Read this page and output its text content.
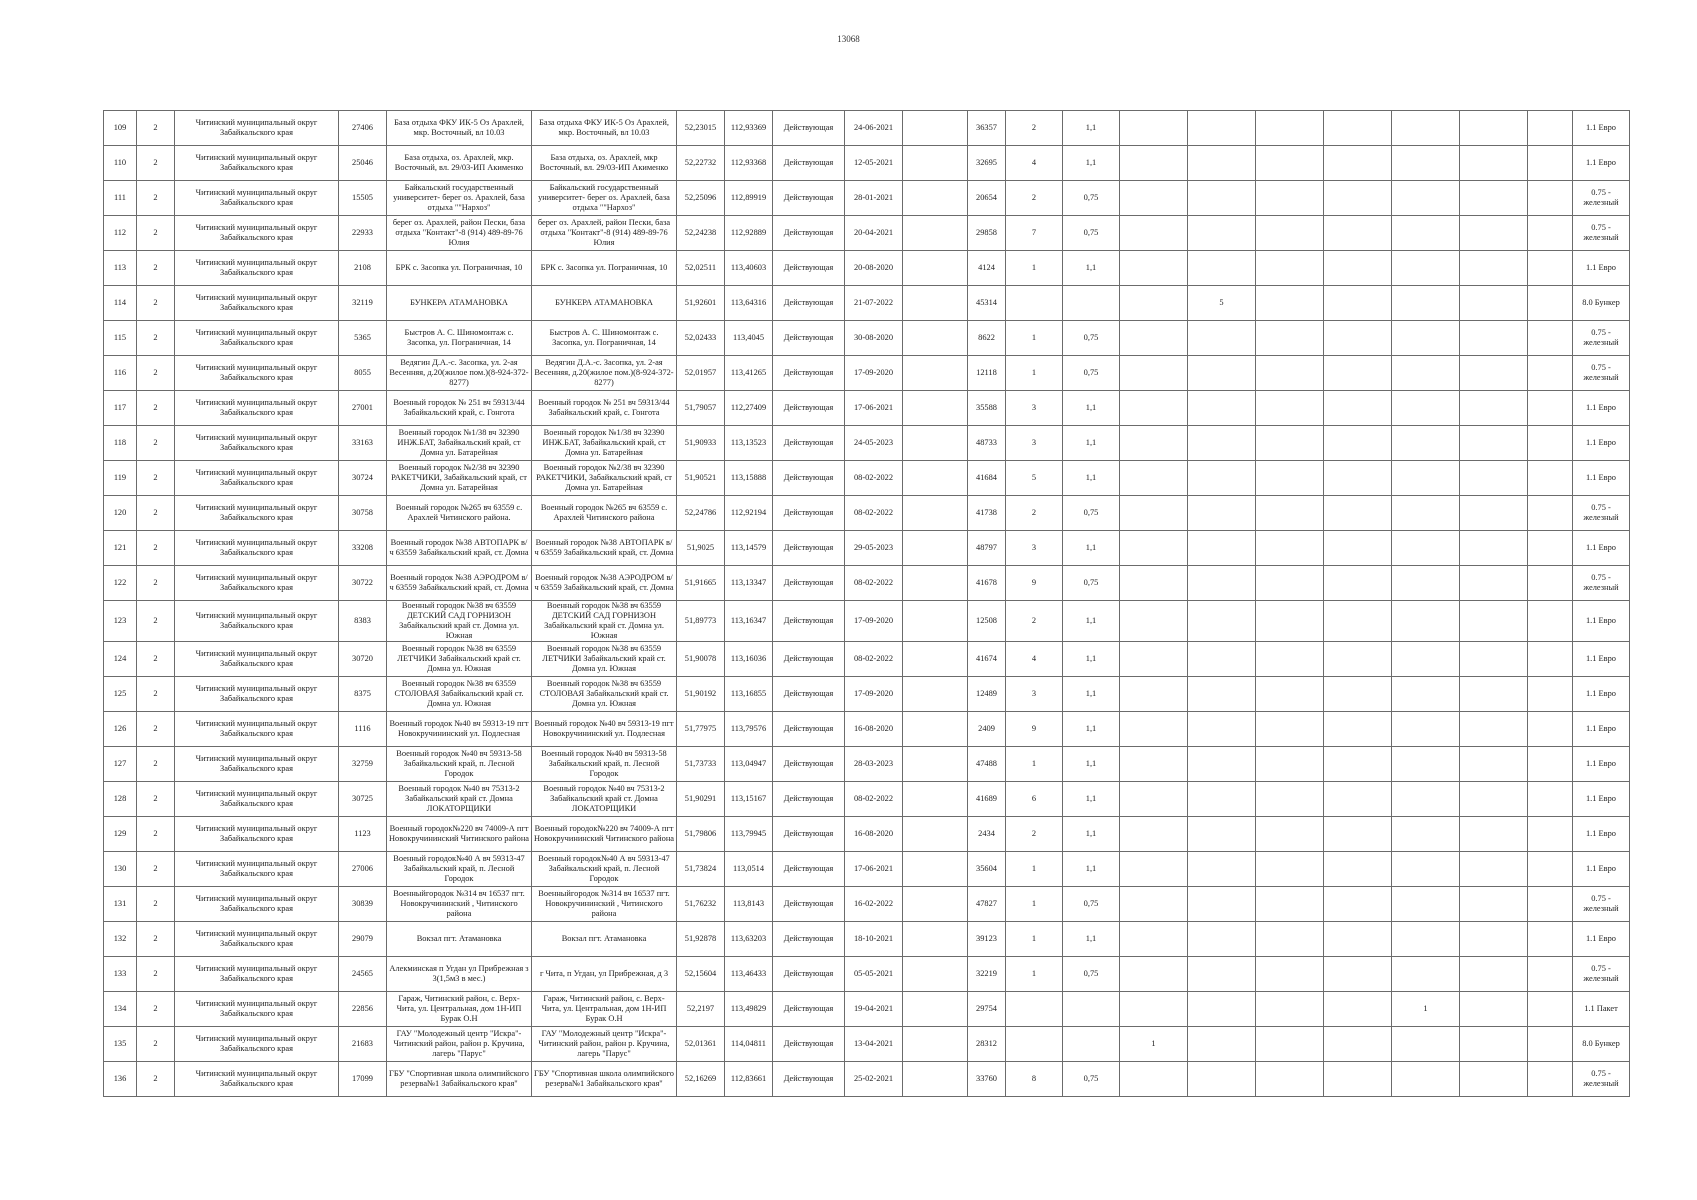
13068
109	2	Читинский муниципальный округ Забайкальского края	27406	База отдыха ФКУ ИК-5 Оз Арахлей, мкр. Восточный, вл 10.03	База отдыха ФКУ ИК-5 Оз Арахлей, мкр. Восточный, вл 10.03	52,23015	112,93369	Действующая	24-06-2021		36357	2	1,1								1.1 Евро
110	2	Читинский муниципальный округ Забайкальского края	25046	База отдыха, оз. Арахлей, мкр. Восточный, вл. 29/03-ИП Акименко	База отдыха, оз. Арахлей, мкр Восточный, вл. 29/03-ИП Акименко	52,22732	112,93368	Действующая	12-05-2021		32695	4	1,1								1.1 Евро
111	2	Читинский муниципальный округ Забайкальского края	15505	Байкальский государственный университет- берег оз. Арахлей, база отдыха ""Нархоз"	Байкальский государственный университет- берег оз. Арахлей, база отдыха ""Нархоз"	52,25096	112,89919	Действующая	28-01-2021		20654	2	0,75								0.75 - железный
112	2	Читинский муниципальный округ Забайкальского края	22933	берег оз. Арахлей, район Пески, база отдыха "Контакт"-8 (914) 489-89-76 Юлия	берег оз. Арахлей, район Пески, база отдыха "Контакт"-8 (914) 489-89-76 Юлия	52,24238	112,92889	Действующая	20-04-2021		29858	7	0,75								0.75 - железный
113	2	Читинский муниципальный округ Забайкальского края	2108	БРК с. Засопка ул. Пограничная, 10	БРК с. Засопка ул. Пограничная, 10	52,02511	113,40603	Действующая	20-08-2020		4124	1	1,1								1.1 Евро
114	2	Читинский муниципальный округ Забайкальского края	32119	БУНКЕРА АТАМАНОВКА	БУНКЕРА АТАМАНОВКА	51,92601	113,64316	Действующая	21-07-2022		45314				5						8.0 Бункер
115	2	Читинский муниципальный округ Забайкальского края	5365	Быстров А. С. Шиномонтаж с. Засопка, ул. Пограничная, 14	Быстров А. С. Шиномонтаж с. Засопка, ул. Пограничная, 14	52,02433	113,4045	Действующая	30-08-2020		8622	1	0,75								0.75 - железный
116	2	Читинский муниципальный округ Забайкальского края	8055	Ведягин Д.А.-с. Засопка, ул. 2-ая Весенняя, д.20(жилое пом.)(8-924-372-8277)	Ведягин Д.А.-с. Засопка, ул. 2-ая Весенняя, д.20(жилое пом.)(8-924-372-8277)	52,01957	113,41265	Действующая	17-09-2020		12118	1	0,75								0.75 - железный
117	2	Читинский муниципальный округ Забайкальского края	27001	Военный городок № 251 вч 59313/44 Забайкальский край, с. Гонгота	Военный городок № 251 вч 59313/44 Забайкальский край, с. Гонгота	51,79057	112,27409	Действующая	17-06-2021		35588	3	1,1								1.1 Евро
118	2	Читинский муниципальный округ Забайкальского края	33163	Военный городок №1/38 вч 32390 ИНЖ.БАТ, Забайкальский край, ст Домна ул. Батарейная	Военный городок №1/38 вч 32390 ИНЖ.БАТ, Забайкальский край, ст Домна ул. Батарейная	51,90933	113,13523	Действующая	24-05-2023		48733	3	1,1								1.1 Евро
119	2	Читинский муниципальный округ Забайкальского края	30724	Военный городок №2/38 вч 32390 РАКЕТЧИКИ, Забайкальский край, ст Домна ул. Батарейная	Военный городок №2/38 вч 32390 РАКЕТЧИКИ, Забайкальский край, ст Домна ул. Батарейная	51,90521	113,15888	Действующая	08-02-2022		41684	5	1,1								1.1 Евро
120	2	Читинский муниципальный округ Забайкальского края	30758	Военный городок №265 вч 63559 с. Арахлей Читинского района.	Военный городок №265 вч 63559 с. Арахлей Читинского района	52,24786	112,92194	Действующая	08-02-2022		41738	2	0,75								0.75 - железный
121	2	Читинский муниципальный округ Забайкальского края	33208	Военный городок №38 АВТОПАРК в/ч 63559 Забайкальский край, ст. Домна	Военный городок №38 АВТОПАРК в/ч 63559 Забайкальский край, ст. Домна	51,9025	113,14579	Действующая	29-05-2023		48797	3	1,1								1.1 Евро
122	2	Читинский муниципальный округ Забайкальского края	30722	Военный городок №38 АЭРОДРОМ в/ч 63559 Забайкальский край, ст. Домна	Военный городок №38 АЭРОДРОМ в/ч 63559 Забайкальский край, ст. Домна	51,91665	113,13347	Действующая	08-02-2022		41678	9	0,75								0.75 - железный
123	2	Читинский муниципальный округ Забайкальского края	8383	Военный городок №38 вч 63559 ДЕТСКИЙ САД ГОРНИЗОН Забайкальский край ст. Домна ул. Южная	Военный городок №38 вч 63559 ДЕТСКИЙ САД ГОРНИЗОН Забайкальский край ст. Домна ул. Южная	51,89773	113,16347	Действующая	17-09-2020		12508	2	1,1								1.1 Евро
124	2	Читинский муниципальный округ Забайкальского края	30720	Военный городок №38 вч 63559 ЛЕТЧИКИ Забайкальский край ст. Домна ул. Южная	Военный городок №38 вч 63559 ЛЕТЧИКИ Забайкальский край ст. Домна ул. Южная	51,90078	113,16036	Действующая	08-02-2022		41674	4	1,1								1.1 Евро
125	2	Читинский муниципальный округ Забайкальского края	8375	Военный городок №38 вч 63559 СТОЛОВАЯ Забайкальский край ст. Домна ул. Южная	Военный городок №38 вч 63559 СТОЛОВАЯ Забайкальский край ст. Домна ул. Южная	51,90192	113,16855	Действующая	17-09-2020		12489	3	1,1								1.1 Евро
126	2	Читинский муниципальный округ Забайкальского края	1116	Военный городок №40 вч 59313-19 пгт Новокручининский ул. Подлесная	Военный городок №40 вч 59313-19 пгт Новокручининский ул. Подлесная	51,77975	113,79576	Действующая	16-08-2020		2409	9	1,1								1.1 Евро
127	2	Читинский муниципальный округ Забайкальского края	32759	Военный городок №40 вч 59313-58 Забайкальский край, п. Лесной Городок	Военный городок №40 вч 59313-58 Забайкальский край, п. Лесной Городок	51,73733	113,04947	Действующая	28-03-2023		47488	1	1,1								1.1 Евро
128	2	Читинский муниципальный округ Забайкальского края	30725	Военный городок №40 вч 75313-2 Забайкальский край ст. Домна ЛОКАТОРЩИКИ	Военный городок №40 вч 75313-2 Забайкальский край ст. Домна ЛОКАТОРЩИКИ	51,90291	113,15167	Действующая	08-02-2022		41689	6	1,1								1.1 Евро
129	2	Читинский муниципальный округ Забайкальского края	1123	Военный городок№220 вч 74009-А пгт Новокручининский Читинского района	Военный городок№220 вч 74009-А пгт Новокручининский Читинского района	51,79806	113,79945	Действующая	16-08-2020		2434	2	1,1								1.1 Евро
130	2	Читинский муниципальный округ Забайкальского края	27006	Военный городок№40 А вч 59313-47 Забайкальский край, п. Лесной Городок	Военный городок№40 А вч 59313-47 Забайкальский край, п. Лесной Городок	51,73824	113,0514	Действующая	17-06-2021		35604	1	1,1								1.1 Евро
131	2	Читинский муниципальный округ Забайкальского края	30839	Военныйгородок №314 вч 16537 пгт. Новокручининский , Читинского района	Военныйгородок №314 вч 16537 пгт. Новокручининский , Читинского района	51,76232	113,8143	Действующая	16-02-2022		47827	1	0,75								0.75 - железный
132	2	Читинский муниципальный округ Забайкальского края	29079	Вокзал пгт. Атамановка	Вокзал пгт. Атамановка	51,92878	113,63203	Действующая	18-10-2021		39123	1	1,1								1.1 Евро
133	2	Читинский муниципальный округ Забайкальского края	24565	Алекминская п Угдан ул Прибрежная з 3(1,5м3 в мес.)	г Чита, п Угдан, ул Прибрежная, д 3	52,15604	113,46433	Действующая	05-05-2021		32219	1	0,75								0.75 - железный
134	2	Читинский муниципальный округ Забайкальского края	22856	Гараж, Читинский район, с. Верх-Чита, ул. Центральная, дом 1Н-ИП Бурак О.Н	Гараж, Читинский район, с. Верх-Чита, ул. Центральная, дом 1Н-ИП Бурак О.Н	52,2197	113,49829	Действующая	19-04-2021		29754							1			1.1 Пакет
135	2	Читинский муниципальный округ Забайкальского края	21683	ГАУ "Молодежный центр "Искра"- Читинский район, район р. Кручина, лагерь "Парус"	ГАУ "Молодежный центр "Искра"- Читинский район, район р. Кручина, лагерь "Парус"	52,01361	114,04811	Действующая	13-04-2021		28312			1							8.0 Бункер
136	2	Читинский муниципальный округ Забайкальского края	17099	ГБУ "Спортивная школа олимпийского резерва№1 Забайкальского края"	ГБУ "Спортивная школа олимпийского резерва№1 Забайкальского края"	52,16269	112,83661	Действующая	25-02-2021		33760	8	0,75								0.75 - железный
